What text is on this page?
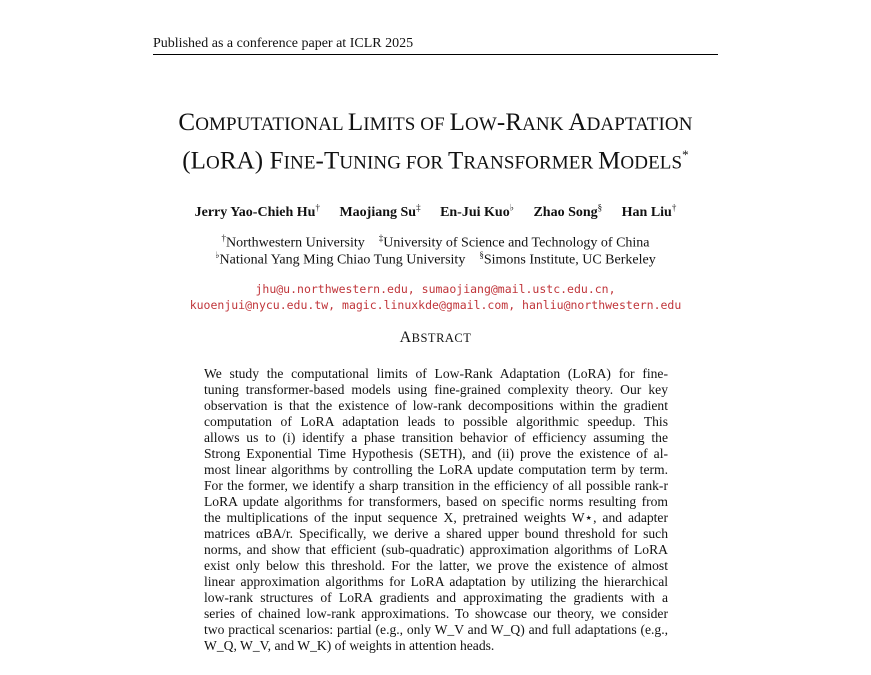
Published as a conference paper at ICLR 2025
COMPUTATIONAL LIMITS OF LOW-RANK ADAPTATION
(LORA) FINE-TUNING FOR TRANSFORMER MODELS*
Jerry Yao-Chieh Hu† Maojiang Su‡ En-Jui Kuo♭ Zhao Song§ Han Liu†
†Northwestern University ‡University of Science and Technology of China
♭National Yang Ming Chiao Tung University §Simons Institute, UC Berkeley
jhu@u.northwestern.edu, sumaojiang@mail.ustc.edu.cn,
kuoenjui@nycu.edu.tw, magic.linuxkde@gmail.com, hanliu@northwestern.edu
ABSTRACT
We study the computational limits of Low-Rank Adaptation (LoRA) for fine-
tuning transformer-based models using fine-grained complexity theory. Our key
observation is that the existence of low-rank decompositions within the gradient
computation of LoRA adaptation leads to possible algorithmic speedup. This
allows us to (i) identify a phase transition behavior of efficiency assuming the
Strong Exponential Time Hypothesis (SETH), and (ii) prove the existence of al-
most linear algorithms by controlling the LoRA update computation term by term.
For the former, we identify a sharp transition in the efficiency of all possible rank-r
LoRA update algorithms for transformers, based on specific norms resulting from
the multiplications of the input sequence X, pretrained weights W⋆, and adapter
matrices αBA/r. Specifically, we derive a shared upper bound threshold for such
norms, and show that efficient (sub-quadratic) approximation algorithms of LoRA
exist only below this threshold. For the latter, we prove the existence of almost
linear approximation algorithms for LoRA adaptation by utilizing the hierarchical
low-rank structures of LoRA gradients and approximating the gradients with a
series of chained low-rank approximations. To showcase our theory, we consider
two practical scenarios: partial (e.g., only W_V and W_Q) and full adaptations (e.g.,
W_Q, W_V, and W_K) of weights in attention heads.
